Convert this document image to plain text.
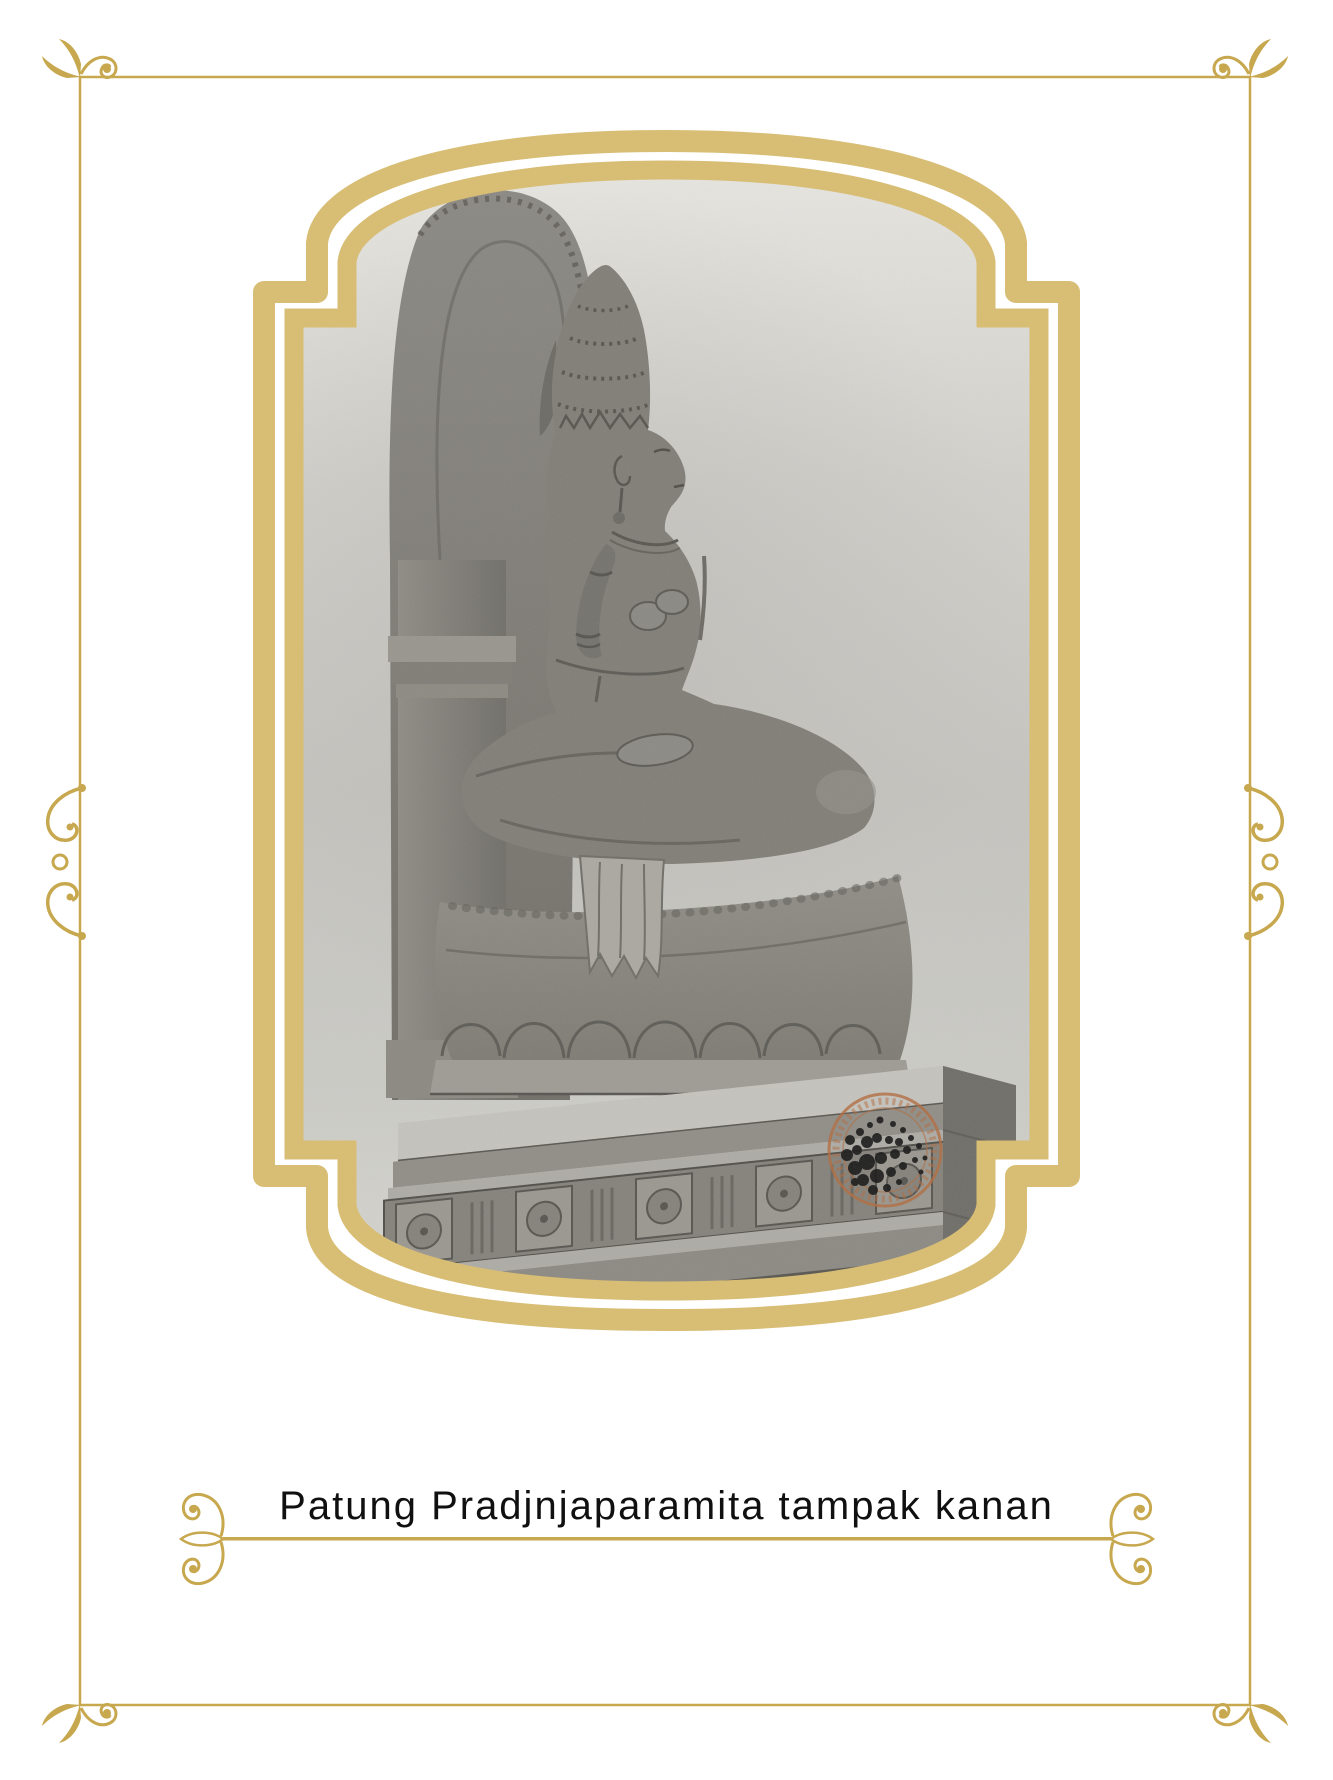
Patung Pradjnjaparamita tampak kanan
